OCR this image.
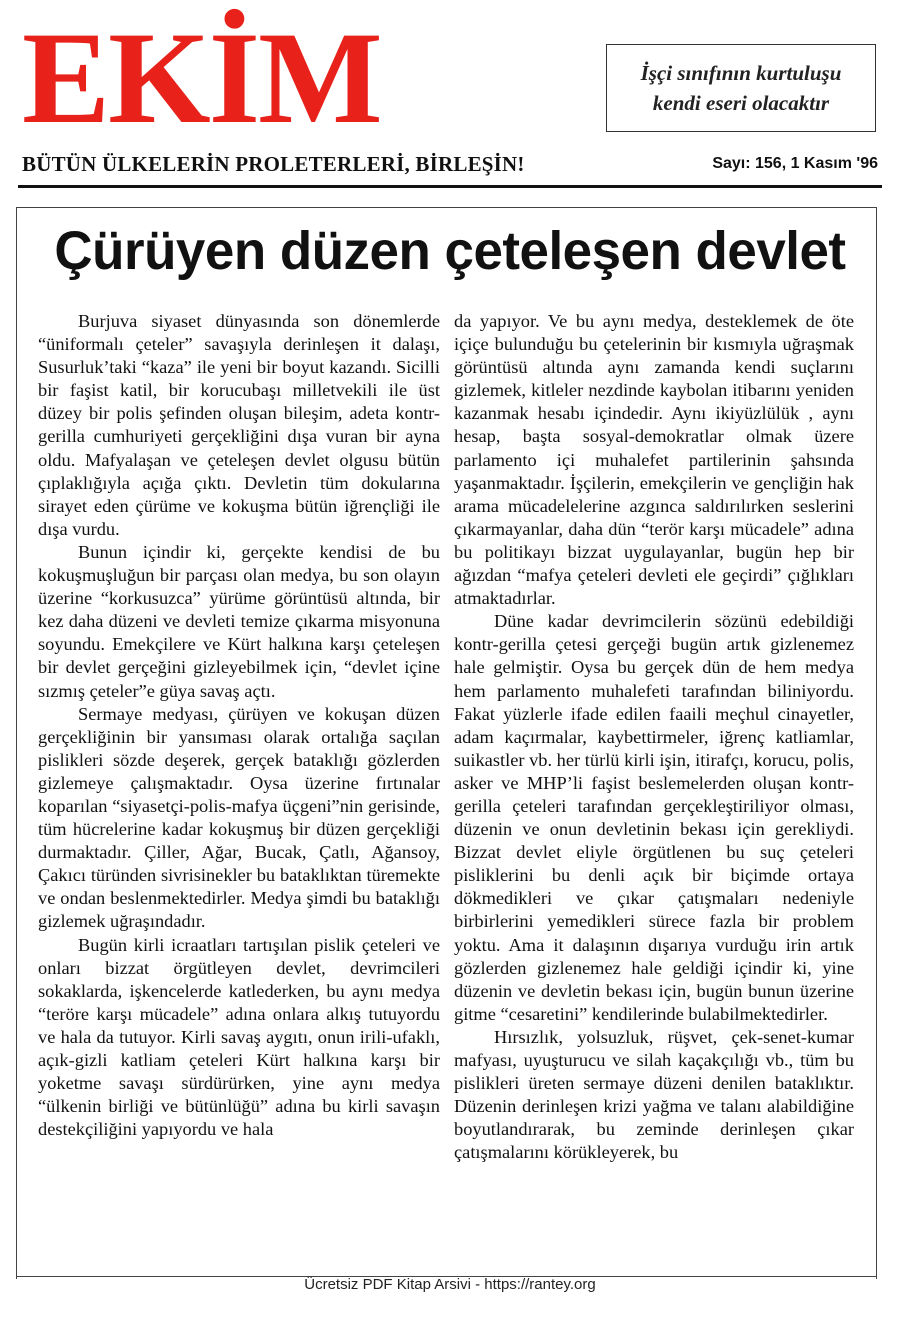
EKİM	İşçi sınıfının kurtuluşu
kendi eseri olacaktır
BÜTÜN ÜLKELERİN PROLETERLERİ, BİRLEŞİN!	Sayı: 156, 1 Kasım '96
Çürüyen düzen çeteleşen devlet

Burjuva siyaset dünyasında son dönemlerde “üniformalı çeteler” savaşıyla derinleşen it dalaşı, Susurluk’taki “kaza” ile yeni bir boyut kazandı. Sicilli bir faşist katil, bir korucubaşı milletvekili ile üst düzey bir polis şefinden oluşan bileşim, adeta kontr-gerilla cumhuriyeti gerçekliğini dışa vuran bir ayna oldu. Mafyalaşan ve çeteleşen devlet olgusu bütün çıplaklığıyla açığa çıktı. Devletin tüm dokularına sirayet eden çürüme ve kokuşma bütün iğrençliği ile dışa vurdu.

Bunun içindir ki, gerçekte kendisi de bu kokuşmuşluğun bir parçası olan medya, bu son olayın üzerine “korkusuzca” yürüme görüntüsü altında, bir kez daha düzeni ve devleti temize çıkarma misyonuna soyundu. Emekçilere ve Kürt halkına karşı çeteleşen bir devlet gerçeğini gizleyebilmek için, “devlet içine sızmış çeteler”e güya savaş açtı.

Sermaye medyası, çürüyen ve kokuşan düzen gerçekliğinin bir yansıması olarak ortalığa saçılan pislikleri sözde deşerek, gerçek bataklığı gözlerden gizlemeye çalışmaktadır. Oysa üzerine fırtınalar koparılan “siyasetçi-polis-mafya üçgeni”nin gerisinde, tüm hücrelerine kadar kokuşmuş bir düzen gerçekliği durmaktadır. Çiller, Ağar, Bucak, Çatlı, Ağansoy, Çakıcı türünden sivrisinekler bu bataklıktan türemekte ve ondan beslenmektedirler. Medya şimdi bu bataklığı gizlemek uğraşındadır.

Bugün kirli icraatları tartışılan pislik çeteleri ve onları bizzat örgütleyen devlet, devrimcileri sokaklarda, işkencelerde katlederken, bu aynı medya “teröre karşı mücadele” adına onlara alkış tutuyordu ve hala da tutuyor. Kirli savaş aygıtı, onun irili-ufaklı, açık-gizli katliam çeteleri Kürt halkına karşı bir yoketme savaşı sürdürürken, yine aynı medya “ülkenin birliği ve bütünlüğü” adına bu kirli savaşın destekçiliğini yapıyordu ve hala

da yapıyor. Ve bu aynı medya, desteklemek de öte içiçe bulunduğu bu çetelerinin bir kısmıyla uğraşmak görüntüsü altında aynı zamanda kendi suçlarını gizlemek, kitleler nezdinde kaybolan itibarını yeniden kazanmak hesabı içindedir. Aynı ikiyüzlülük , aynı hesap, başta sosyal-demokratlar olmak üzere parlamento içi muhalefet partilerinin şahsında yaşanmaktadır. İşçilerin, emekçilerin ve gençliğin hak arama mücadelelerine azgınca saldırılırken seslerini çıkarmayanlar, daha dün “terör karşı mücadele” adına bu politikayı bizzat uygulayanlar, bugün hep bir ağızdan “mafya çeteleri devleti ele geçirdi” çığlıkları atmaktadırlar.

Düne kadar devrimcilerin sözünü edebildiği kontr-gerilla çetesi gerçeği bugün artık gizlenemez hale gelmiştir. Oysa bu gerçek dün de hem medya hem parlamento muhalefeti tarafından biliniyordu. Fakat yüzlerle ifade edilen faaili meçhul cinayetler, adam kaçırmalar, kaybettirmeler, iğrenç katliamlar, suikastler vb. her türlü kirli işin, itirafçı, korucu, polis, asker ve MHP’li faşist beslemelerden oluşan kontr-gerilla çeteleri tarafından gerçekleştiriliyor olması, düzenin ve onun devletinin bekası için gerekliydi. Bizzat devlet eliyle örgütlenen bu suç çeteleri pisliklerini bu denli açık bir biçimde ortaya dökmedikleri ve çıkar çatışmaları nedeniyle birbirlerini yemedikleri sürece fazla bir problem yoktu. Ama it dalaşının dışarıya vurduğu irin artık gözlerden gizlenemez hale geldiği içindir ki, yine düzenin ve devletin bekası için, bugün bunun üzerine gitme “cesaretini” kendilerinde bulabilmektedirler.

Hırsızlık, yolsuzluk, rüşvet, çek-senet-kumar mafyası, uyuşturucu ve silah kaçakçılığı vb., tüm bu pislikleri üreten sermaye düzeni denilen bataklıktır. Düzenin derinleşen krizi yağma ve talanı alabildiğine boyutlandırarak, bu zeminde derinleşen çıkar çatışmalarını körükleyerek, bu

Ücretsiz PDF Kitap Arsivi - https://rantey.org
